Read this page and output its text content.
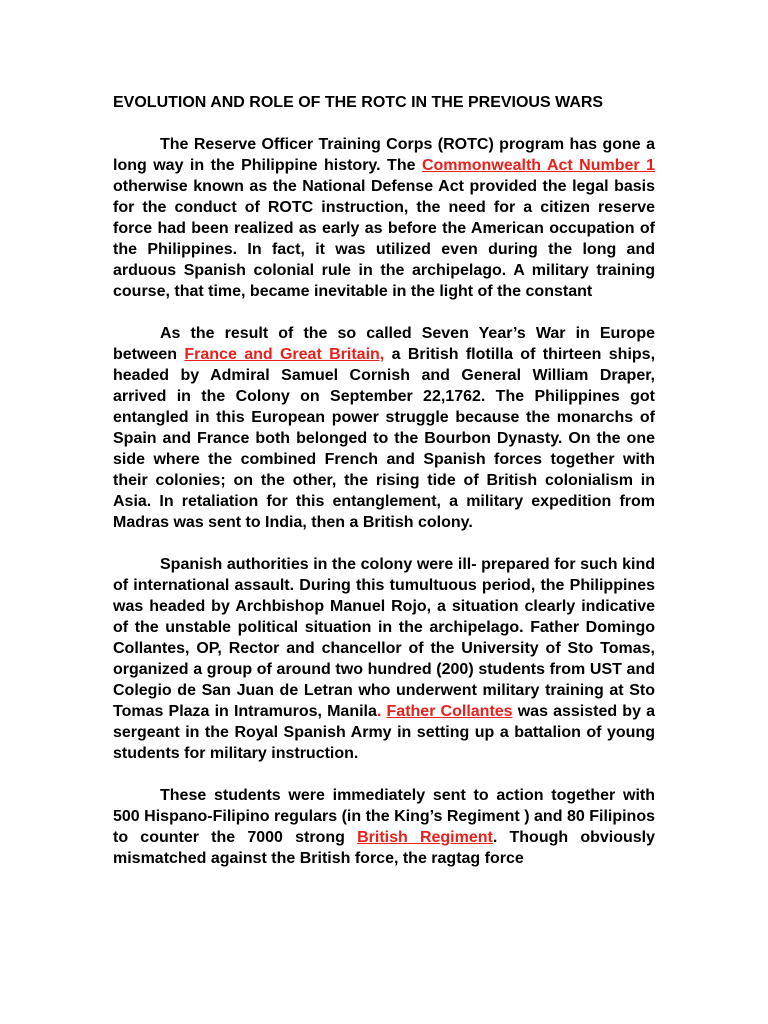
EVOLUTION AND ROLE OF THE ROTC IN THE PREVIOUS WARS

The Reserve Officer Training Corps (ROTC) program has gone a long way in the Philippine history. The Commonwealth Act Number 1 otherwise known as the National Defense Act provided the legal basis for the conduct of ROTC instruction, the need for a citizen reserve force had been realized as early as before the American occupation of the Philippines. In fact, it was utilized even during the long and arduous Spanish colonial rule in the archipelago. A military training course, that time, became inevitable in the light of the constant

As the result of the so called Seven Year’s War in Europe between France and Great Britain, a British flotilla of thirteen ships, headed by Admiral Samuel Cornish and General William Draper, arrived in the Colony on September 22,1762. The Philippines got entangled in this European power struggle because the monarchs of Spain and France both belonged to the Bourbon Dynasty. On the one side where the combined French and Spanish forces together with their colonies; on the other, the rising tide of British colonialism in Asia. In retaliation for this entanglement, a military expedition from Madras was sent to India, then a British colony.

Spanish authorities in the colony were ill- prepared for such kind of international assault. During this tumultuous period, the Philippines was headed by Archbishop Manuel Rojo, a situation clearly indicative of the unstable political situation in the archipelago. Father Domingo Collantes, OP, Rector and chancellor of the University of Sto Tomas, organized a group of around two hundred (200) students from UST and Colegio de San Juan de Letran who underwent military training at Sto Tomas Plaza in Intramuros, Manila. Father Collantes was assisted by a sergeant in the Royal Spanish Army in setting up a battalion of young students for military instruction.

These students were immediately sent to action together with 500 Hispano-Filipino regulars (in the King’s Regiment ) and 80 Filipinos to counter the 7000 strong British Regiment. Though obviously mismatched against the British force, the ragtag force
